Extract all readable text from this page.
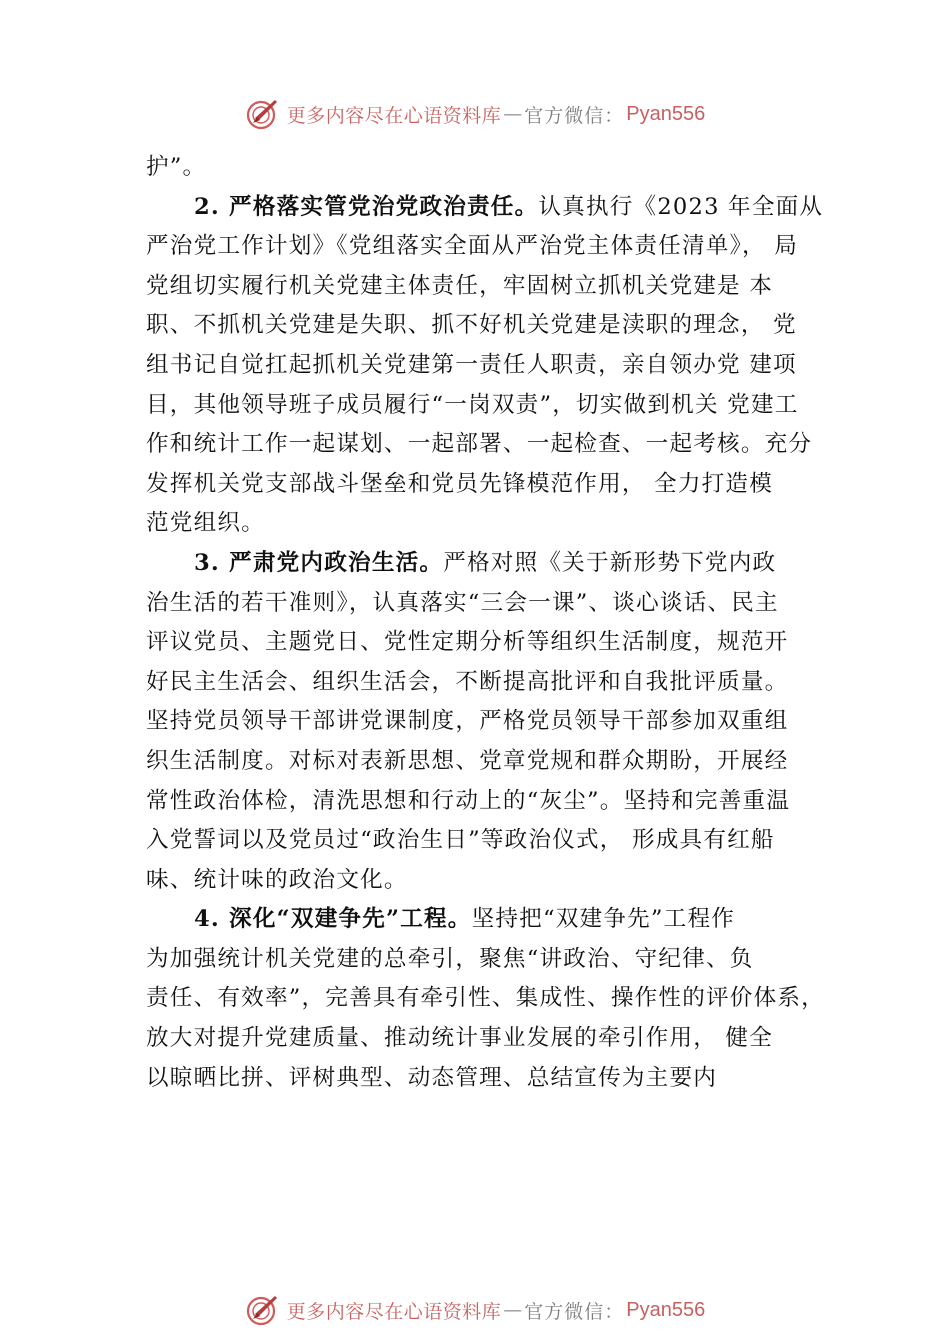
更多内容尽在心语资料库 — 官方微信： Pyan556

护”。

2. 严格落实管党治党政治责任。认真执行《2023 年全面从
严治党工作计划》《党组落实全面从严治党主体责任清单》， 局
党组切实履行机关党建主体责任，牢固树立抓机关党建是 本
职、不抓机关党建是失职、抓不好机关党建是渎职的理念， 党
组书记自觉扛起抓机关党建第一责任人职责，亲自领办党 建项
目，其他领导班子成员履行“一岗双责”，切实做到机关 党建工
作和统计工作一起谋划、一起部署、一起检查、一起考核。充分
发挥机关党支部战斗堡垒和党员先锋模范作用， 全力打造模
范党组织。

3. 严肃党内政治生活。严格对照《关于新形势下党内政
治生活的若干准则》，认真落实“三会一课”、谈心谈话、民主
评议党员、主题党日、党性定期分析等组织生活制度，规范开
好民主生活会、组织生活会，不断提高批评和自我批评质量。
坚持党员领导干部讲党课制度，严格党员领导干部参加双重组
织生活制度。对标对表新思想、党章党规和群众期盼，开展经
常性政治体检，清洗思想和行动上的“灰尘”。坚持和完善重温
入党誓词以及党员过“政治生日”等政治仪式， 形成具有红船
味、统计味的政治文化。

4. 深化“双建争先”工程。坚持把“双建争先”工程作
为加强统计机关党建的总牵引，聚焦“讲政治、守纪律、负
责任、有效率”，完善具有牵引性、集成性、操作性的评价体系，
放大对提升党建质量、推动统计事业发展的牵引作用， 健全
以晾晒比拼、评树典型、动态管理、总结宣传为主要内

更多内容尽在心语资料库 — 官方微信： Pyan556
